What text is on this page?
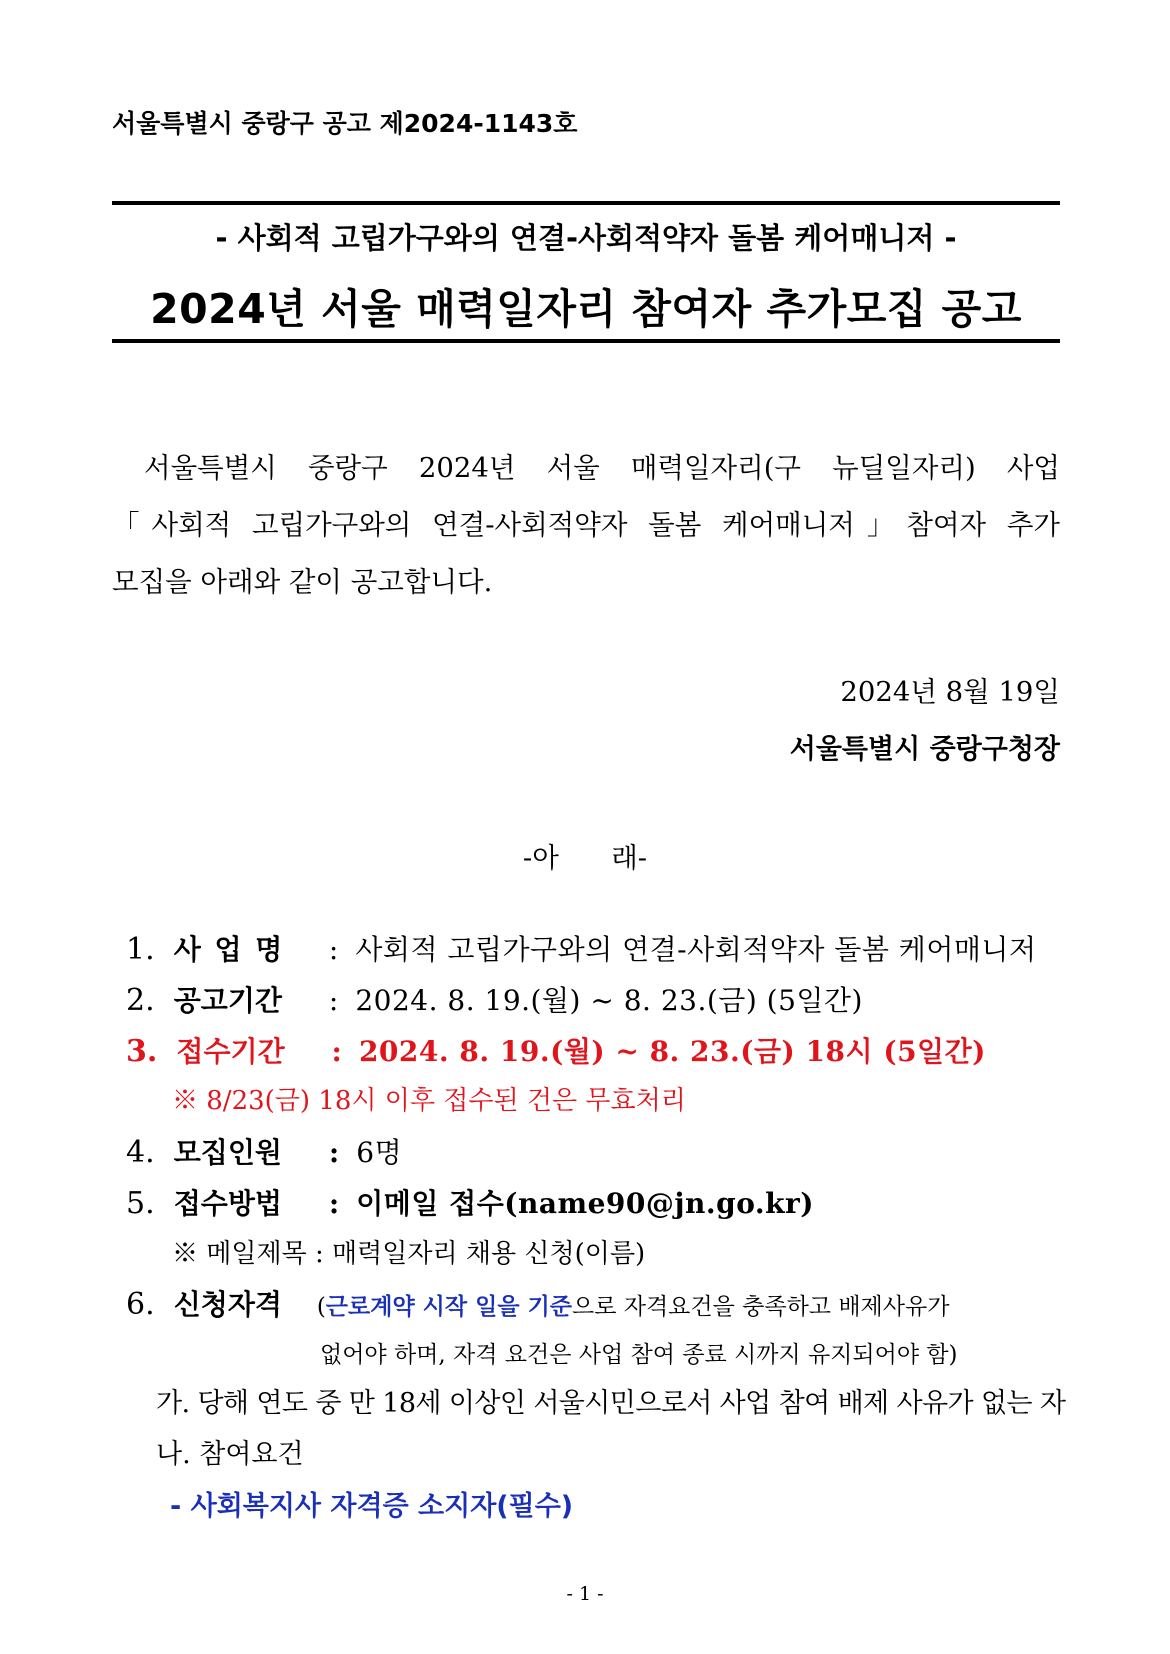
서울특별시 중랑구 공고 제2024-1143호
- 사회적 고립가구와의 연결-사회적약자 돌봄 케어매니저 -
2024년 서울 매력일자리 참여자 추가모집 공고
서울특별시 중랑구 2024년 서울 매력일자리(구 뉴딜일자리) 사업
「사회적 고립가구와의 연결-사회적약자 돌봄 케어매니저」참여자 추가
모집을 아래와 같이 공고합니다.
2024년 8월 19일
서울특별시 중랑구청장
-아      래-
1. 사 업 명 : 사회적 고립가구와의 연결-사회적약자 돌봄 케어매니저
2. 공고기간 : 2024. 8. 19.(월) ~ 8. 23.(금) (5일간)
3. 접수기간 : 2024. 8. 19.(월) ~ 8. 23.(금) 18시 (5일간)
※ 8/23(금) 18시 이후 접수된 건은 무효처리
4. 모집인원 : 6명
5. 접수방법 : 이메일 접수(name90@jn.go.kr)
※ 메일제목 : 매력일자리 채용 신청(이름)
6. 신청자격 (근로계약 시작 일을 기준으로 자격요건을 충족하고 배제사유가
없어야 하며, 자격 요건은 사업 참여 종료 시까지 유지되어야 함)
가. 당해 연도 중 만 18세 이상인 서울시민으로서 사업 참여 배제 사유가 없는 자
나. 참여요건
- 사회복지사 자격증 소지자(필수)
- 1 -
